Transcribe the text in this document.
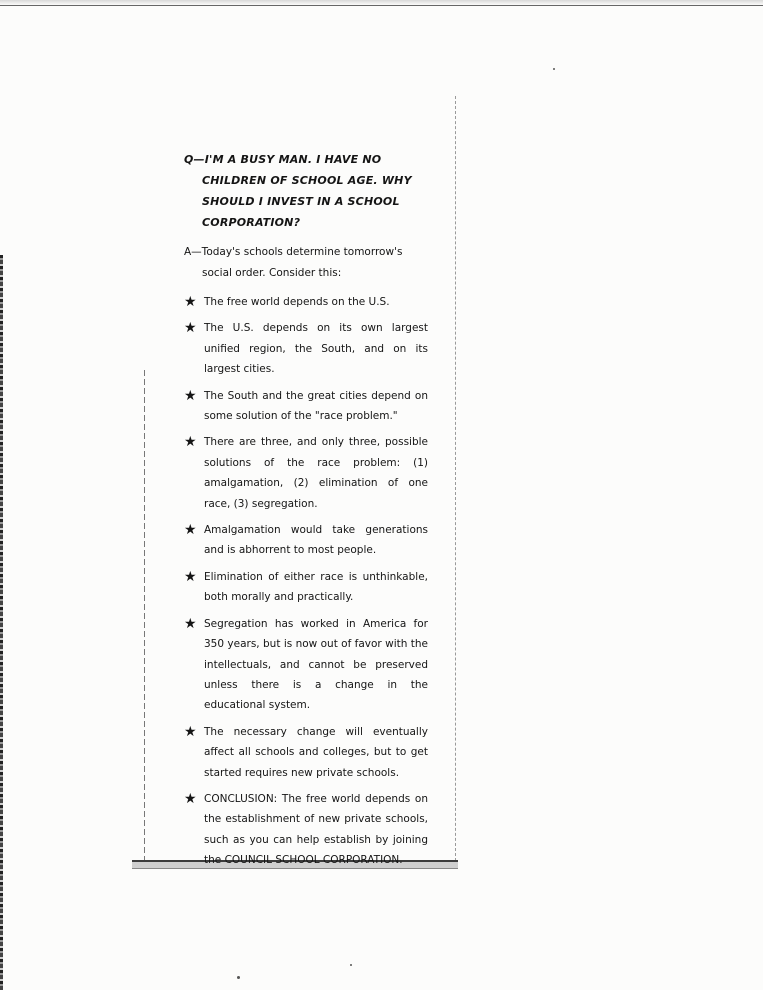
Q—I'M A BUSY MAN. I HAVE NO CHILDREN OF SCHOOL AGE. WHY SHOULD I INVEST IN A SCHOOL CORPORATION?

A—Today's schools determine tomorrow's social order. Consider this:
★ The free world depends on the U.S.
★ The U.S. depends on its own largest unified region, the South, and on its largest cities.
★ The South and the great cities depend on some solution of the "race problem."
★ There are three, and only three, possible solutions of the race problem: (1) amalgamation, (2) elimination of one race, (3) segregation.
★ Amalgamation would take generations and is abhorrent to most people.
★ Elimination of either race is unthinkable, both morally and practically.
★ Segregation has worked in America for 350 years, but is now out of favor with the intellectuals, and cannot be preserved unless there is a change in the educational system.
★ The necessary change will eventually affect all schools and colleges, but to get started requires new private schools.
★ CONCLUSION: The free world depends on the establishment of new private schools, such as you can help establish by joining the COUNCIL SCHOOL CORPORATION.
